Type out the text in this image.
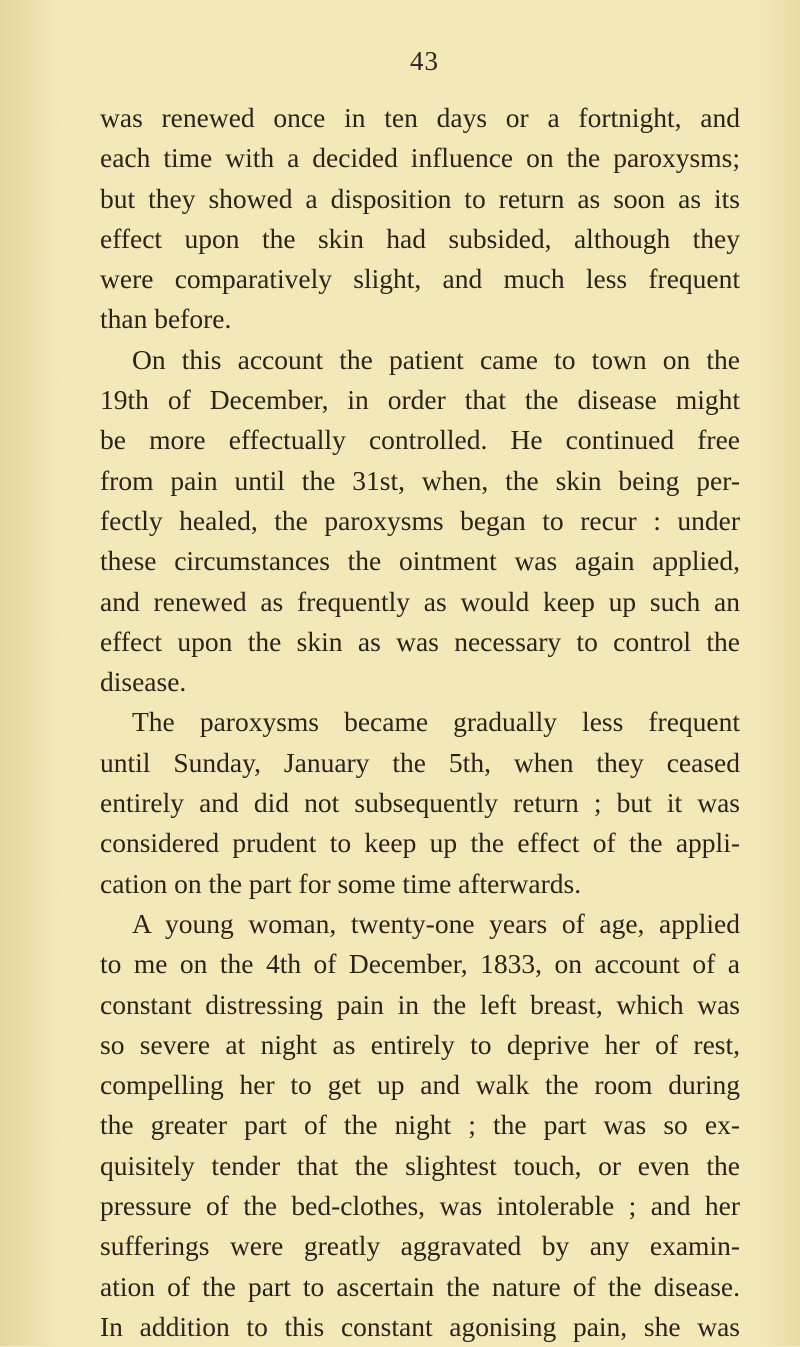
43
was renewed once in ten days or a fortnight, and
each time with a decided influence on the paroxysms;
but they showed a disposition to return as soon as its
effect upon the skin had subsided, although they
were comparatively slight, and much less frequent
than before.
On this account the patient came to town on the
19th of December, in order that the disease might
be more effectually controlled. He continued free
from pain until the 31st, when, the skin being per-
fectly healed, the paroxysms began to recur : under
these circumstances the ointment was again applied,
and renewed as frequently as would keep up such an
effect upon the skin as was necessary to control the
disease.
The paroxysms became gradually less frequent
until Sunday, January the 5th, when they ceased
entirely and did not subsequently return ; but it was
considered prudent to keep up the effect of the appli-
cation on the part for some time afterwards.
A young woman, twenty-one years of age, applied
to me on the 4th of December, 1833, on account of a
constant distressing pain in the left breast, which was
so severe at night as entirely to deprive her of rest,
compelling her to get up and walk the room during
the greater part of the night ; the part was so ex-
quisitely tender that the slightest touch, or even the
pressure of the bed-clothes, was intolerable ; and her
sufferings were greatly aggravated by any examin-
ation of the part to ascertain the nature of the disease.
In addition to this constant agonising pain, she was
